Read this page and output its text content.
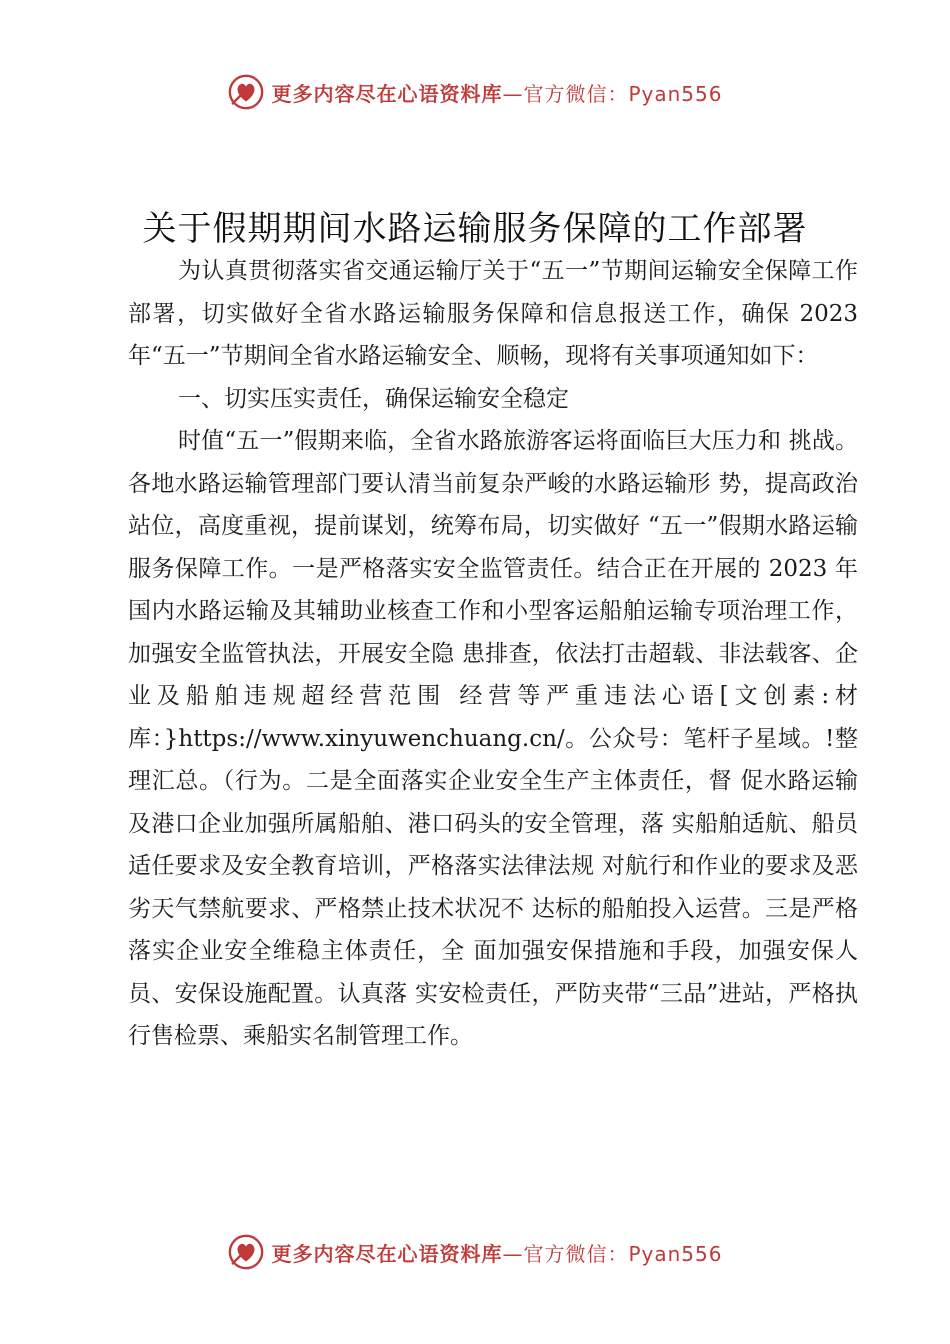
更多内容尽在心语资料库—官方微信：Pyan556
关于假期期间水路运输服务保障的工作部署

为认真贯彻落实省交通运输厅关于“五一”节期间运输安全保障工作部署，切实做好全省水路运输服务保障和信息报送工作，确保 2023 年“五一”节期间全省水路运输安全、顺畅，现将有关事项通知如下：

一、切实压实责任，确保运输安全稳定

时值“五一”假期来临，全省水路旅游客运将面临巨大压力和 挑战。各地水路运输管理部门要认清当前复杂严峻的水路运输形 势，提高政治站位，高度重视，提前谋划，统筹布局，切实做好 “五一”假期水路运输服务保障工作。一是严格落实安全监管责任。结合正在开展的 2023 年国内水路运输及其辅助业核查工作和小型客运船舶运输专项治理工作，加强安全监管执法，开展安全隐 患排查，依法打击超载、非法载客、企业及船舶违规超经营范围 经营等严重违法心语[文创素:材库：}https://www.xinyuwenchuang.cn/。公众号：笔杆子星域。!整理汇总。（行为。二是全面落实企业安全生产主体责任，督 促水路运输及港口企业加强所属船舶、港口码头的安全管理，落 实船舶适航、船员适任要求及安全教育培训，严格落实法律法规 对航行和作业的要求及恶劣天气禁航要求、严格禁止技术状况不 达标的船舶投入运营。三是严格落实企业安全维稳主体责任，全 面加强安保措施和手段，加强安保人员、安保设施配置。认真落 实安检责任，严防夹带“三品”进站，严格执行售检票、乘船实名制管理工作。

更多内容尽在心语资料库—官方微信：Pyan556
